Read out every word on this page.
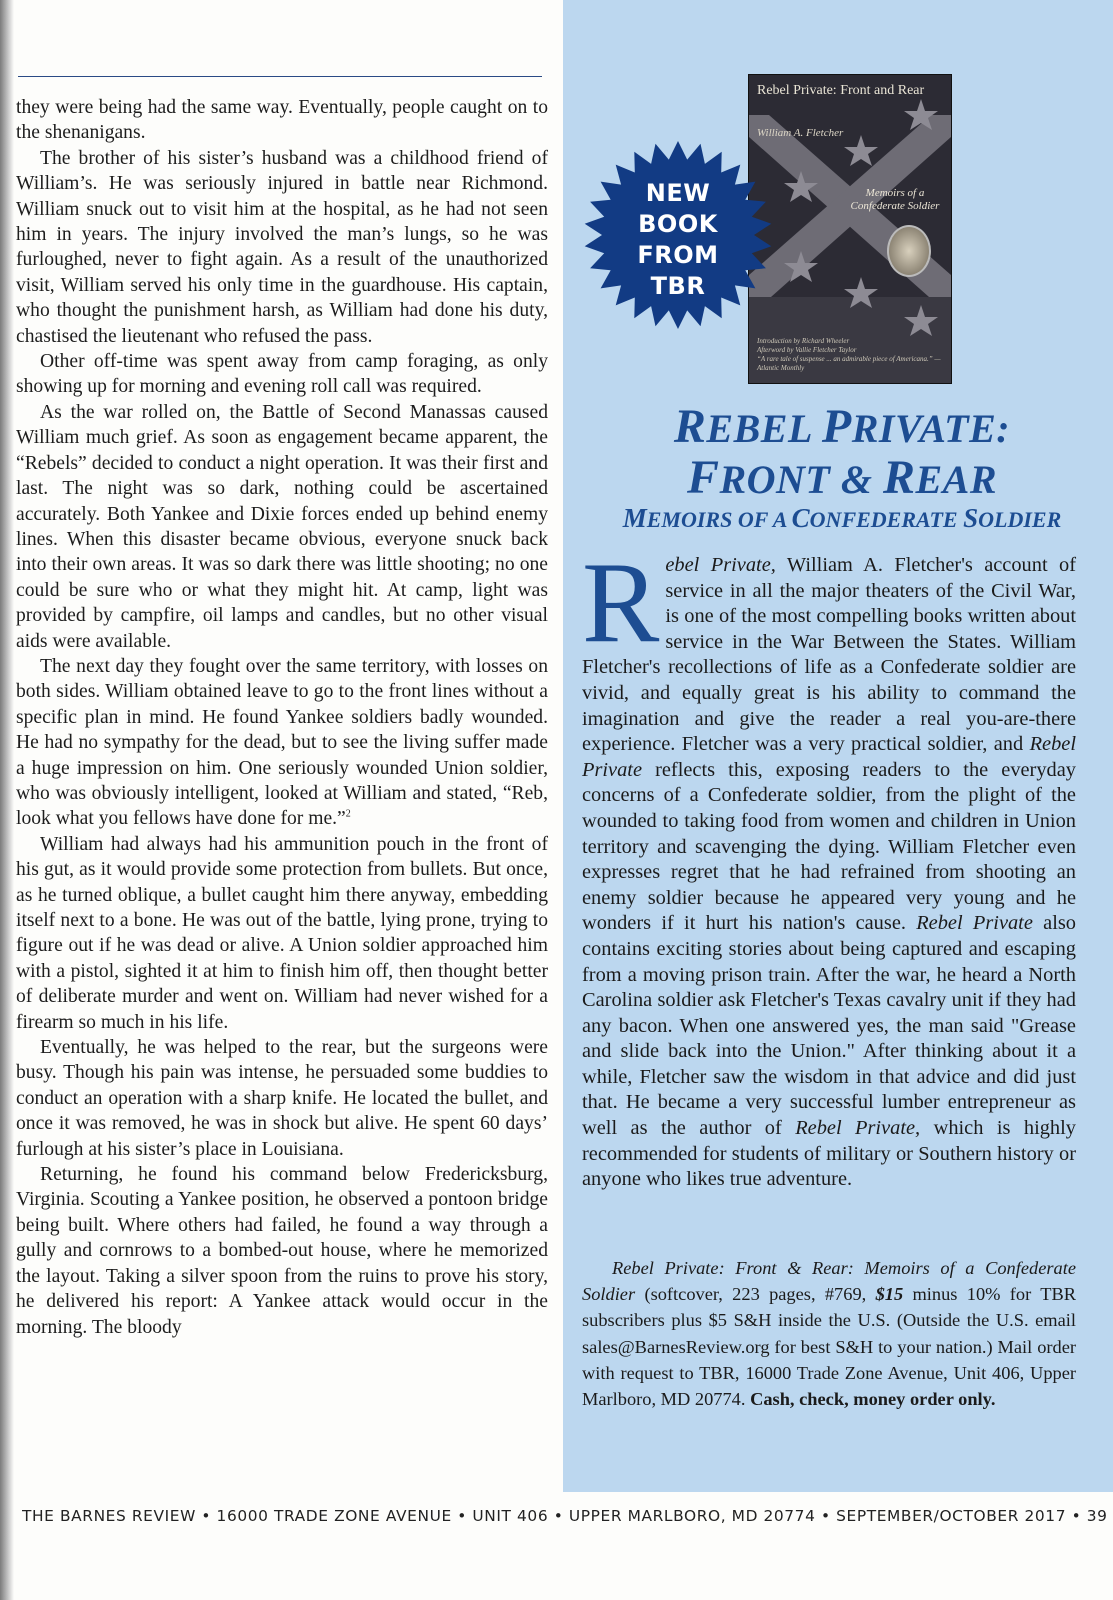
they were being had the same way. Eventually, people caught on to the shenanigans.

The brother of his sister’s husband was a childhood friend of William’s. He was seriously injured in battle near Richmond. William snuck out to visit him at the hospital, as he had not seen him in years. The injury involved the man’s lungs, so he was furloughed, never to fight again. As a result of the unauthorized visit, William served his only time in the guardhouse. His captain, who thought the punishment harsh, as William had done his duty, chastised the lieutenant who refused the pass.

Other off-time was spent away from camp foraging, as only showing up for morning and evening roll call was required.

As the war rolled on, the Battle of Second Manassas caused William much grief. As soon as engagement became apparent, the “Rebels” decided to conduct a night operation. It was their first and last. The night was so dark, nothing could be ascertained accurately. Both Yankee and Dixie forces ended up behind enemy lines. When this disaster became obvious, everyone snuck back into their own areas. It was so dark there was little shooting; no one could be sure who or what they might hit. At camp, light was provided by campfire, oil lamps and candles, but no other visual aids were available.

The next day they fought over the same territory, with losses on both sides. William obtained leave to go to the front lines without a specific plan in mind. He found Yankee soldiers badly wounded. He had no sympathy for the dead, but to see the living suffer made a huge impression on him. One seriously wounded Union soldier, who was obviously intelligent, looked at William and stated, “Reb, look what you fellows have done for me.”$^2$

William had always had his ammunition pouch in the front of his gut, as it would provide some protection from bullets. But once, as he turned oblique, a bullet caught him there anyway, embedding itself next to a bone. He was out of the battle, lying prone, trying to figure out if he was dead or alive. A Union soldier approached him with a pistol, sighted it at him to finish him off, then thought better of deliberate murder and went on. William had never wished for a firearm so much in his life.

Eventually, he was helped to the rear, but the surgeons were busy. Though his pain was intense, he persuaded some buddies to conduct an operation with a sharp knife. He located the bullet, and once it was removed, he was in shock but alive. He spent 60 days’ furlough at his sister’s place in Louisiana.

Returning, he found his command below Fredericksburg, Virginia. Scouting a Yankee position, he observed a pontoon bridge being built. Where others had failed, he found a way through a gully and cornrows to a bombed-out house, where he memorized the layout. Taking a silver spoon from the ruins to prove his story, he delivered his report: A Yankee attack would occur in the morning. The bloody

Rebel Private: Front and Rear
William A. Fletcher
Memoirs of a Confederate Soldier
Introduction by Richard Wheeler
Afterword by Vallie Fletcher Taylor
“A rare tale of suspense ... an admirable piece of Americana.” —Atlantic Monthly
NEW
BOOK
FROM
TBR
REBEL PRIVATE:
FRONT & REAR
MEMOIRS OF A CONFEDERATE SOLDIER

Rebel Private, William A. Fletcher's account of service in all the major theaters of the Civil War, is one of the most compelling books written about service in the War Between the States. William Fletcher's recollections of life as a Confederate soldier are vivid, and equally great is his ability to command the imagination and give the reader a real you-are-there experience. Fletcher was a very practical soldier, and Rebel Private reflects this, exposing readers to the everyday concerns of a Confederate soldier, from the plight of the wounded to taking food from women and children in Union territory and scavenging the dying. William Fletcher even expresses regret that he had refrained from shooting an enemy soldier because he appeared very young and he wonders if it hurt his nation's cause. Rebel Private also contains exciting stories about being captured and escaping from a moving prison train. After the war, he heard a North Carolina soldier ask Fletcher's Texas cavalry unit if they had any bacon. When one answered yes, the man said "Grease and slide back into the Union." After thinking about it a while, Fletcher saw the wisdom in that advice and did just that. He became a very successful lumber entrepreneur as well as the author of Rebel Private, which is highly recommended for students of military or Southern history or anyone who likes true adventure.

Rebel Private: Front & Rear: Memoirs of a Confederate Soldier (softcover, 223 pages, #769, $15 minus 10% for TBR subscribers plus $5 S&H inside the U.S. (Outside the U.S. email sales@BarnesReview.org for best S&H to your nation.) Mail order with request to TBR, 16000 Trade Zone Avenue, Unit 406, Upper Marlboro, MD 20774. Cash, check, money order only.
THE BARNES REVIEW • 16000 TRADE ZONE AVENUE • UNIT 406 • UPPER MARLBORO, MD 20774 • SEPTEMBER/OCTOBER 2017 • 39
